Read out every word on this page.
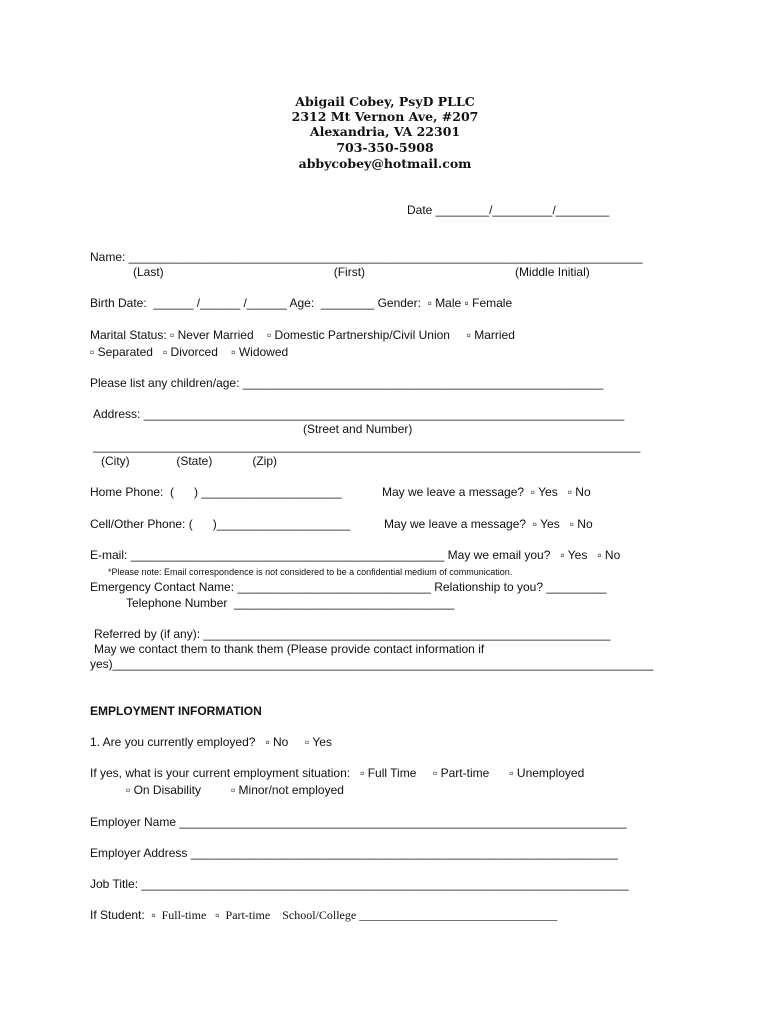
Abigail Cobey, PsyD PLLC
2312 Mt Vernon Ave, #207
Alexandria, VA 22301
703-350-5908
abbycobey@hotmail.com
Date ________/_________/________
Name: _____________________________________________________________________________
(Last)                                                   (First)                                             (Middle Initial)
Birth Date:  ______ /______ /______ Age:  ________ Gender:  ▫ Male ▫ Female
Marital Status: ▫ Never Married    ▫ Domestic Partnership/Civil Union     ▫ Married
▫ Separated   ▫ Divorced    ▫ Widowed
Please list any children/age: ______________________________________________________
Address: ________________________________________________________________________
(Street and Number)
__________________________________________________________________________________
(City)              (State)            (Zip)
Home Phone:  (      ) _____________________	May we leave a message?  ▫ Yes   ▫ No
Cell/Other Phone: (      )____________________	May we leave a message?  ▫ Yes   ▫ No
E-mail: _______________________________________________ May we email you?   ▫ Yes   ▫ No
*Please note: Email correspondence is not considered to be a confidential medium of communication.
Emergency Contact Name: _____________________________ Relationship to you? _________
Telephone Number  _________________________________
Referred by (if any): _____________________________________________________________
May we contact them to thank them (Please provide contact information if
yes)_________________________________________________________________________________
EMPLOYMENT INFORMATION
1. Are you currently employed?   ▫ No     ▫ Yes
If yes, what is your current employment situation:   ▫ Full Time     ▫ Part-time      ▫ Unemployed
▫ On Disability         ▫ Minor/not employed
Employer Name ___________________________________________________________________
Employer Address ________________________________________________________________
Job Title: _________________________________________________________________________
If Student:  ▫  Full-time   ▫  Part-time    School/College _________________________________
